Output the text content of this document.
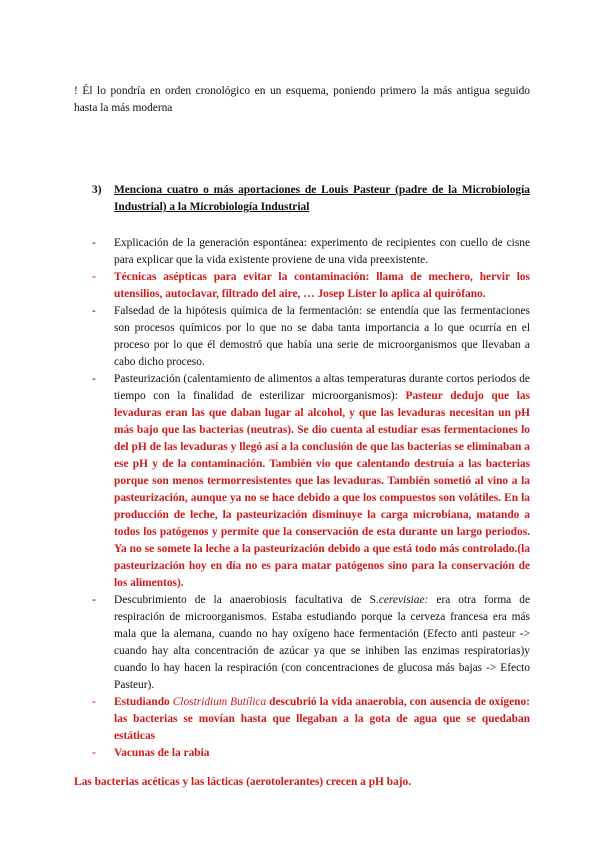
! Él lo pondría en orden cronológico en un esquema, poniendo primero la más antigua seguido hasta la más moderna

3)	Menciona cuatro o más aportaciones de Louis Pasteur (padre de la Microbiología Industrial) a la Microbiología Industrial
-	Explicación de la generación espontánea: experimento de recipientes con cuello de cisne para explicar que la vida existente proviene de una vida preexistente.
-	Técnicas asépticas para evitar la contaminación: llama de mechero, hervir los utensilios, autoclavar, filtrado del aire, … Josep Lister lo aplica al quirófano.
-	Falsedad de la hipótesis química de la fermentación: se entendía que las fermentaciones son procesos químicos por lo que no se daba tanta importancia a lo que ocurría en el proceso por lo que él demostró que había una serie de microorganismos que llevaban a cabo dicho proceso.
-	Pasteurización (calentamiento de alimentos a altas temperaturas durante cortos periodos de tiempo con la finalidad de esterilizar microorganismos): Pasteur dedujo que las levaduras eran las que daban lugar al alcohol, y que las levaduras necesitan un pH más bajo que las bacterias (neutras). Se dio cuenta al estudiar esas fermentaciones lo del pH de las levaduras y llegó así a la conclusión de que las bacterias se eliminaban a ese pH y de la contaminación. También vio que calentando destruía a las bacterias porque son menos termorresistentes que las levaduras. También sometió al vino a la pasteurización, aunque ya no se hace debido a que los compuestos son volátiles. En la producción de leche, la pasteurización disminuye la carga microbiana, matando a todos los patógenos y permite que la conservación de esta durante un largo periodos. Ya no se somete la leche a la pasteurización debido a que está todo más controlado.(la pasteurización hoy en día no es para matar patógenos sino para la conservación de los alimentos).
-	Descubrimiento de la anaerobiosis facultativa de S.cerevisiae: era otra forma de respiración de microorganismos. Estaba estudiando porque la cerveza francesa era más mala que la alemana, cuando no hay oxígeno hace fermentación (Efecto anti pasteur -> cuando hay alta concentración de azúcar ya que se inhiben las enzimas respiratorias)y cuando lo hay hacen la respiración (con concentraciones de glucosa más bajas -> Efecto Pasteur).
-	Estudiando Clostridium Butílica descubrió la vida anaerobia, con ausencia de oxígeno: las bacterias se movían hasta que llegaban a la gota de agua que se quedaban estáticas
-	Vacunas de la rabia

Las bacterias acéticas y las lácticas (aerotolerantes) crecen a pH bajo.
